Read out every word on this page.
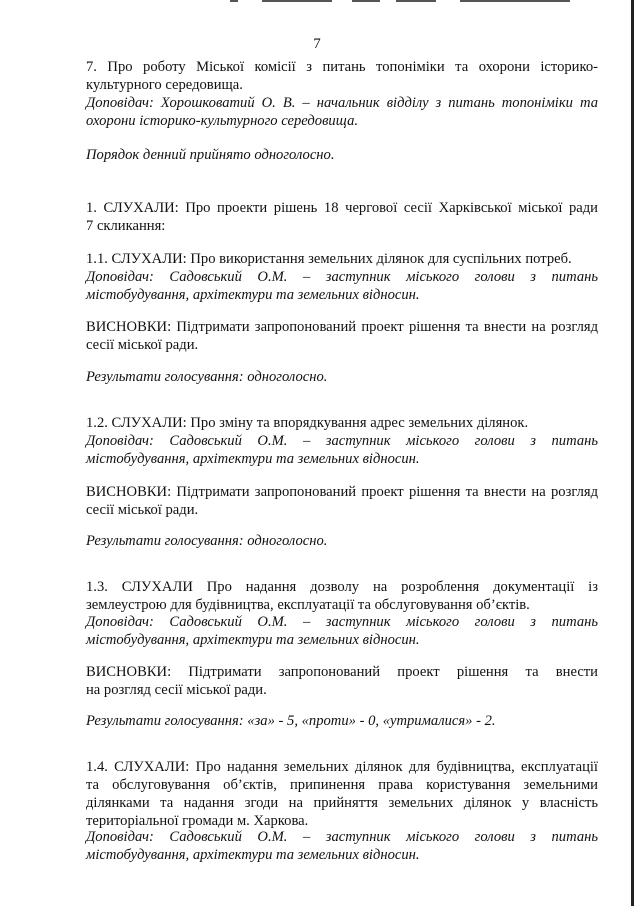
7

7. Про роботу Міської комісії з питань топоніміки та охорони історико-
культурного середовища.

Доповідач: Хорошковатий О. В. – начальник відділу з питань топоніміки та
охорони історико-культурного середовища.

Порядок денний прийнято одноголосно.

1. СЛУХАЛИ: Про проекти рішень 18 чергової сесії Харківської міської ради
7 скликання:

1.1. СЛУХАЛИ: Про використання земельних ділянок для суспільних потреб.

Доповідач: Садовський О.М. – заступник міського голови з питань
містобудування, архітектури та земельних відносин.

ВИСНОВКИ: Підтримати запропонований проект рішення та внести на розгляд
сесії міської ради.

Результати голосування: одноголосно.

1.2. СЛУХАЛИ: Про зміну та впорядкування адрес земельних ділянок.

Доповідач: Садовський О.М. – заступник міського голови з питань
містобудування, архітектури та земельних відносин.

ВИСНОВКИ: Підтримати запропонований проект рішення та внести на розгляд
сесії міської ради.

Результати голосування: одноголосно.

1.3. СЛУХАЛИ Про надання дозволу на розроблення документації із
землеустрою для будівництва, експлуатації та обслуговування об’єктів.

Доповідач: Садовський О.М. – заступник міського голови з питань
містобудування, архітектури та земельних відносин.

ВИСНОВКИ: Підтримати запропонований проект рішення та внести
на розгляд сесії міської ради.

Результати голосування: «за» - 5, «проти» - 0, «утрималися» - 2.

1.4. СЛУХАЛИ: Про надання земельних ділянок для будівництва, експлуатації
та обслуговування об’єктів, припинення права користування земельними
ділянками та надання згоди на прийняття земельних ділянок у власність
територіальної громади м. Харкова.

Доповідач: Садовський О.М. – заступник міського голови з питань
містобудування, архітектури та земельних відносин.
